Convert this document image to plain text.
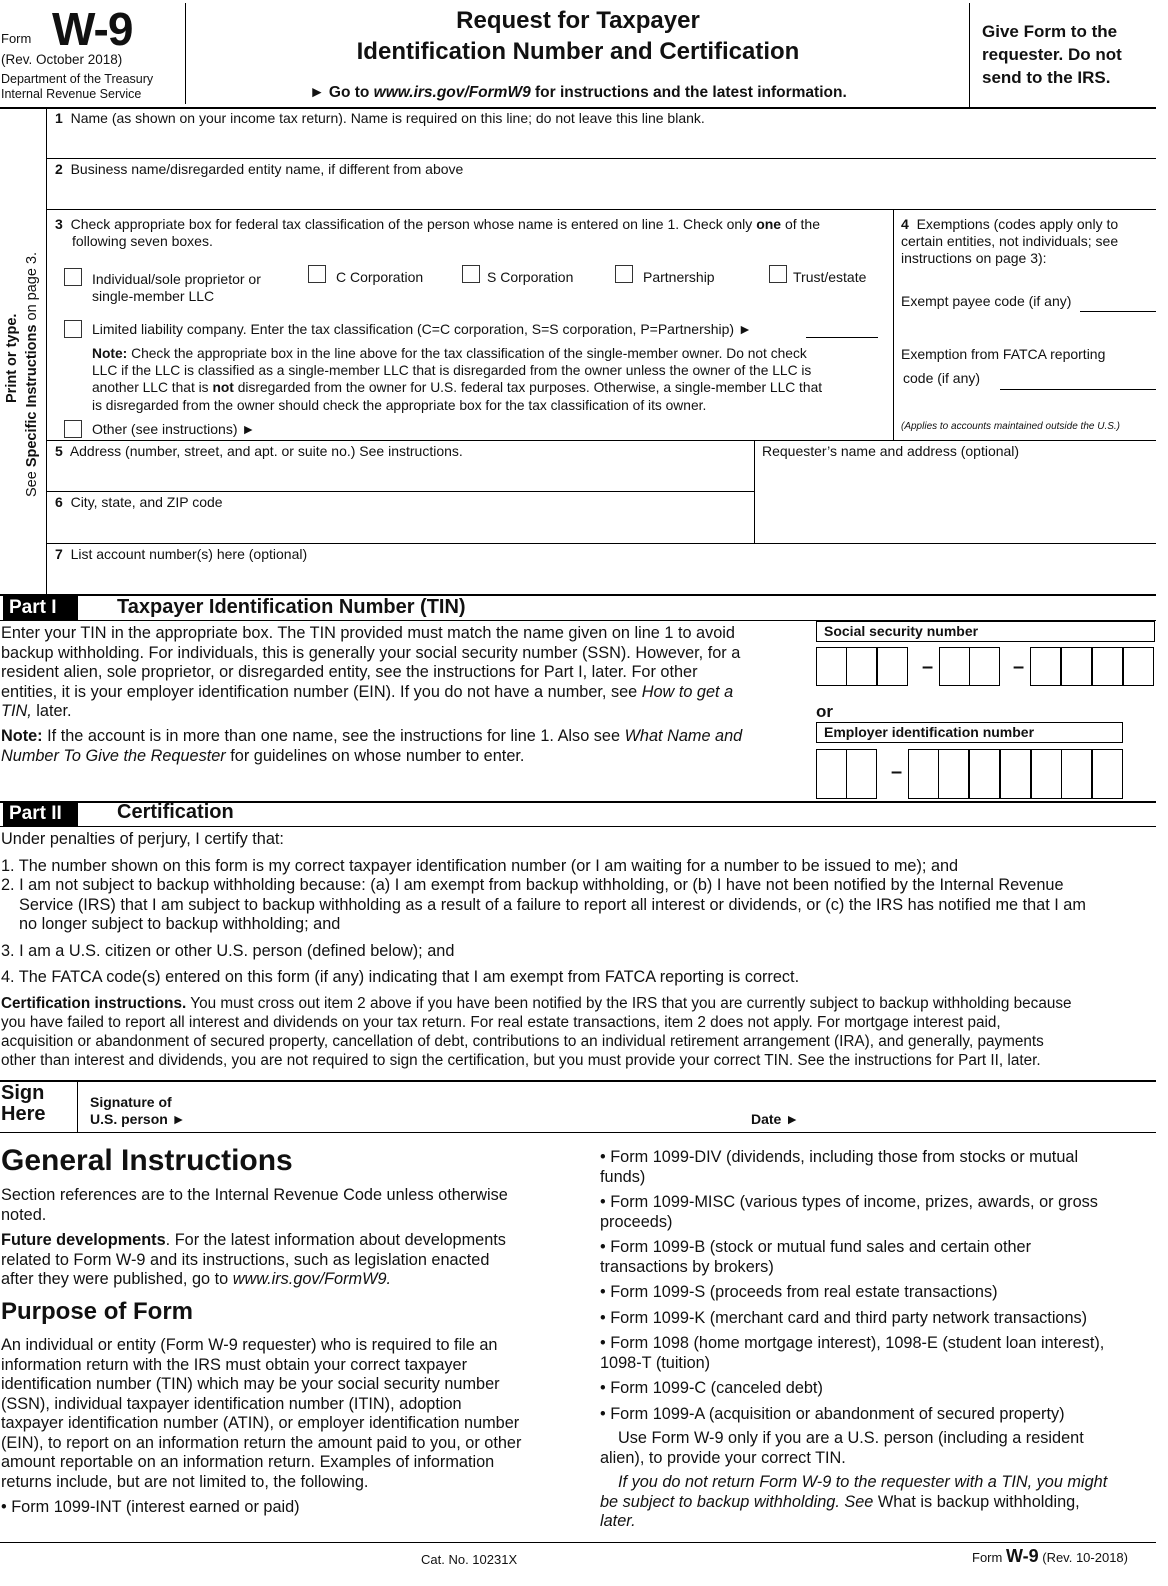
Form W-9
(Rev. October 2018)
Department of the Treasury
Internal Revenue Service
Request for Taxpayer
Identification Number and Certification
► Go to www.irs.gov/FormW9 for instructions and the latest information.
Give Form to the
requester. Do not
send to the IRS.
See Specific Instructions on page 3.
Print or type.
1 Name (as shown on your income tax return). Name is required on this line; do not leave this line blank.
2 Business name/disregarded entity name, if different from above
3 Check appropriate box for federal tax classification of the person whose name is entered on line 1. Check only one of the
following seven boxes.
Individual/sole proprietor or
single-member LLC
C Corporation	S Corporation	Partnership	Trust/estate
Limited liability company. Enter the tax classification (C=C corporation, S=S corporation, P=Partnership) ►
Note: Check the appropriate box in the line above for the tax classification of the single-member owner. Do not check
LLC if the LLC is classified as a single-member LLC that is disregarded from the owner unless the owner of the LLC is
another LLC that is not disregarded from the owner for U.S. federal tax purposes. Otherwise, a single-member LLC that
is disregarded from the owner should check the appropriate box for the tax classification of its owner.
Other (see instructions) ►
4 Exemptions (codes apply only to
certain entities, not individuals; see
instructions on page 3):
Exempt payee code (if any)
Exemption from FATCA reporting
code (if any)
(Applies to accounts maintained outside the U.S.)
5 Address (number, street, and apt. or suite no.) See instructions.	Requester’s name and address (optional)
6 City, state, and ZIP code
7 List account number(s) here (optional)
Part I	Taxpayer Identification Number (TIN)
Enter your TIN in the appropriate box. The TIN provided must match the name given on line 1 to avoid
backup withholding. For individuals, this is generally your social security number (SSN). However, for a
resident alien, sole proprietor, or disregarded entity, see the instructions for Part I, later. For other
entities, it is your employer identification number (EIN). If you do not have a number, see How to get a
TIN, later.
Note: If the account is in more than one name, see the instructions for line 1. Also see What Name and
Number To Give the Requester for guidelines on whose number to enter.
Social security number
–	–
or
Employer identification number
–
Part II	Certification
Under penalties of perjury, I certify that:
1. The number shown on this form is my correct taxpayer identification number (or I am waiting for a number to be issued to me); and
2. I am not subject to backup withholding because: (a) I am exempt from backup withholding, or (b) I have not been notified by the Internal Revenue
Service (IRS) that I am subject to backup withholding as a result of a failure to report all interest or dividends, or (c) the IRS has notified me that I am
no longer subject to backup withholding; and
3. I am a U.S. citizen or other U.S. person (defined below); and
4. The FATCA code(s) entered on this form (if any) indicating that I am exempt from FATCA reporting is correct.
Certification instructions. You must cross out item 2 above if you have been notified by the IRS that you are currently subject to backup withholding because
you have failed to report all interest and dividends on your tax return. For real estate transactions, item 2 does not apply. For mortgage interest paid,
acquisition or abandonment of secured property, cancellation of debt, contributions to an individual retirement arrangement (IRA), and generally, payments
other than interest and dividends, you are not required to sign the certification, but you must provide your correct TIN. See the instructions for Part II, later.
Sign
Here
Signature of
U.S. person ►	Date ►
General Instructions
Section references are to the Internal Revenue Code unless otherwise
noted.
Future developments. For the latest information about developments
related to Form W-9 and its instructions, such as legislation enacted
after they were published, go to www.irs.gov/FormW9.
Purpose of Form
An individual or entity (Form W-9 requester) who is required to file an
information return with the IRS must obtain your correct taxpayer
identification number (TIN) which may be your social security number
(SSN), individual taxpayer identification number (ITIN), adoption
taxpayer identification number (ATIN), or employer identification number
(EIN), to report on an information return the amount paid to you, or other
amount reportable on an information return. Examples of information
returns include, but are not limited to, the following.
• Form 1099-INT (interest earned or paid)
• Form 1099-DIV (dividends, including those from stocks or mutual
funds)
• Form 1099-MISC (various types of income, prizes, awards, or gross
proceeds)
• Form 1099-B (stock or mutual fund sales and certain other
transactions by brokers)
• Form 1099-S (proceeds from real estate transactions)
• Form 1099-K (merchant card and third party network transactions)
• Form 1098 (home mortgage interest), 1098-E (student loan interest),
1098-T (tuition)
• Form 1099-C (canceled debt)
• Form 1099-A (acquisition or abandonment of secured property)
Use Form W-9 only if you are a U.S. person (including a resident
alien), to provide your correct TIN.
If you do not return Form W-9 to the requester with a TIN, you might
be subject to backup withholding. See What is backup withholding,
later.
Cat. No. 10231X	Form W-9 (Rev. 10-2018)
